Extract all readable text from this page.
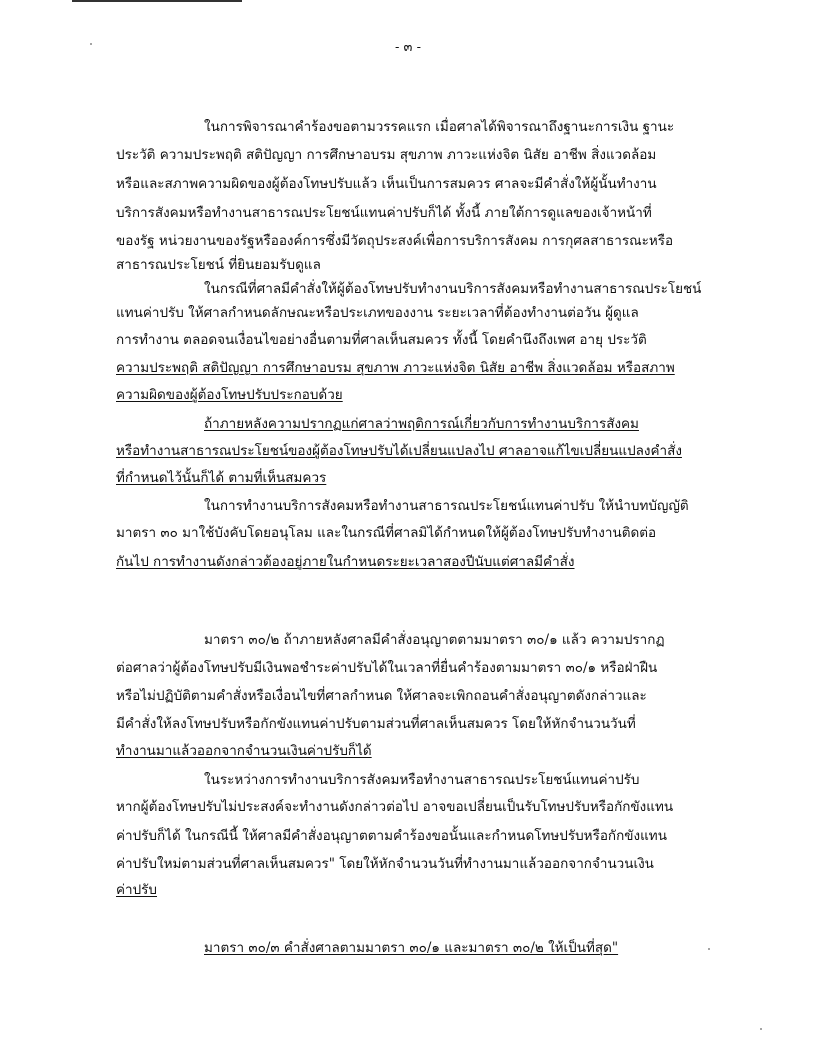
- ๓ -
ในการพิจารณาคำร้องขอตามวรรคแรก เมื่อศาลได้พิจารณาถึงฐานะการเงิน ฐานะ
ประวัติ ความประพฤติ สติปัญญา การศึกษาอบรม สุขภาพ ภาวะแห่งจิต นิสัย อาชีพ สิ่งแวดล้อม
หรือและสภาพความผิดของผู้ต้องโทษปรับแล้ว เห็นเป็นการสมควร ศาลจะมีคำสั่งให้ผู้นั้นทำงาน
บริการสังคมหรือทำงานสาธารณประโยชน์แทนค่าปรับก็ได้ ทั้งนี้ ภายใต้การดูแลของเจ้าหน้าที่
ของรัฐ หน่วยงานของรัฐหรือองค์การซึ่งมีวัตถุประสงค์เพื่อการบริการสังคม การกุศลสาธารณะหรือ
สาธารณประโยชน์ ที่ยินยอมรับดูแล
ในกรณีที่ศาลมีคำสั่งให้ผู้ต้องโทษปรับทำงานบริการสังคมหรือทำงานสาธารณประโยชน์
แทนค่าปรับ ให้ศาลกำหนดลักษณะหรือประเภทของงาน ระยะเวลาที่ต้องทำงานต่อวัน ผู้ดูแล
การทำงาน ตลอดจนเงื่อนไขอย่างอื่นตามที่ศาลเห็นสมควร ทั้งนี้ โดยคำนึงถึงเพศ อายุ ประวัติ
ความประพฤติ สติปัญญา การศึกษาอบรม สุขภาพ ภาวะแห่งจิต นิสัย อาชีพ สิ่งแวดล้อม หรือสภาพ
ความผิดของผู้ต้องโทษปรับประกอบด้วย
ถ้าภายหลังความปรากฏแก่ศาลว่าพฤติการณ์เกี่ยวกับการทำงานบริการสังคม
หรือทำงานสาธารณประโยชน์ของผู้ต้องโทษปรับได้เปลี่ยนแปลงไป ศาลอาจแก้ไขเปลี่ยนแปลงคำสั่ง
ที่กำหนดไว้นั้นก็ได้ ตามที่เห็นสมควร
ในการทำงานบริการสังคมหรือทำงานสาธารณประโยชน์แทนค่าปรับ ให้นำบทบัญญัติ
มาตรา ๓๐ มาใช้บังคับโดยอนุโลม และในกรณีที่ศาลมิได้กำหนดให้ผู้ต้องโทษปรับทำงานติดต่อ
กันไป การทำงานดังกล่าวต้องอยู่ภายในกำหนดระยะเวลาสองปีนับแต่ศาลมีคำสั่ง
มาตรา ๓๐/๒ ถ้าภายหลังศาลมีคำสั่งอนุญาตตามมาตรา ๓๐/๑ แล้ว ความปรากฏ
ต่อศาลว่าผู้ต้องโทษปรับมีเงินพอชำระค่าปรับได้ในเวลาที่ยื่นคำร้องตามมาตรา ๓๐/๑ หรือฝ่าฝืน
หรือไม่ปฏิบัติตามคำสั่งหรือเงื่อนไขที่ศาลกำหนด ให้ศาลจะเพิกถอนคำสั่งอนุญาตดังกล่าวและ
มีคำสั่งให้ลงโทษปรับหรือกักขังแทนค่าปรับตามส่วนที่ศาลเห็นสมควร โดยให้หักจำนวนวันที่
ทำงานมาแล้วออกจากจำนวนเงินค่าปรับก็ได้
ในระหว่างการทำงานบริการสังคมหรือทำงานสาธารณประโยชน์แทนค่าปรับ
หากผู้ต้องโทษปรับไม่ประสงค์จะทำงานดังกล่าวต่อไป อาจขอเปลี่ยนเป็นรับโทษปรับหรือกักขังแทน
ค่าปรับก็ได้ ในกรณีนี้ ให้ศาลมีคำสั่งอนุญาตตามคำร้องขอนั้นและกำหนดโทษปรับหรือกักขังแทน
ค่าปรับใหม่ตามส่วนที่ศาลเห็นสมควร" โดยให้หักจำนวนวันที่ทำงานมาแล้วออกจากจำนวนเงิน
ค่าปรับ
มาตรา ๓๐/๓ คำสั่งศาลตามมาตรา ๓๐/๑ และมาตรา ๓๐/๒ ให้เป็นที่สุด"
